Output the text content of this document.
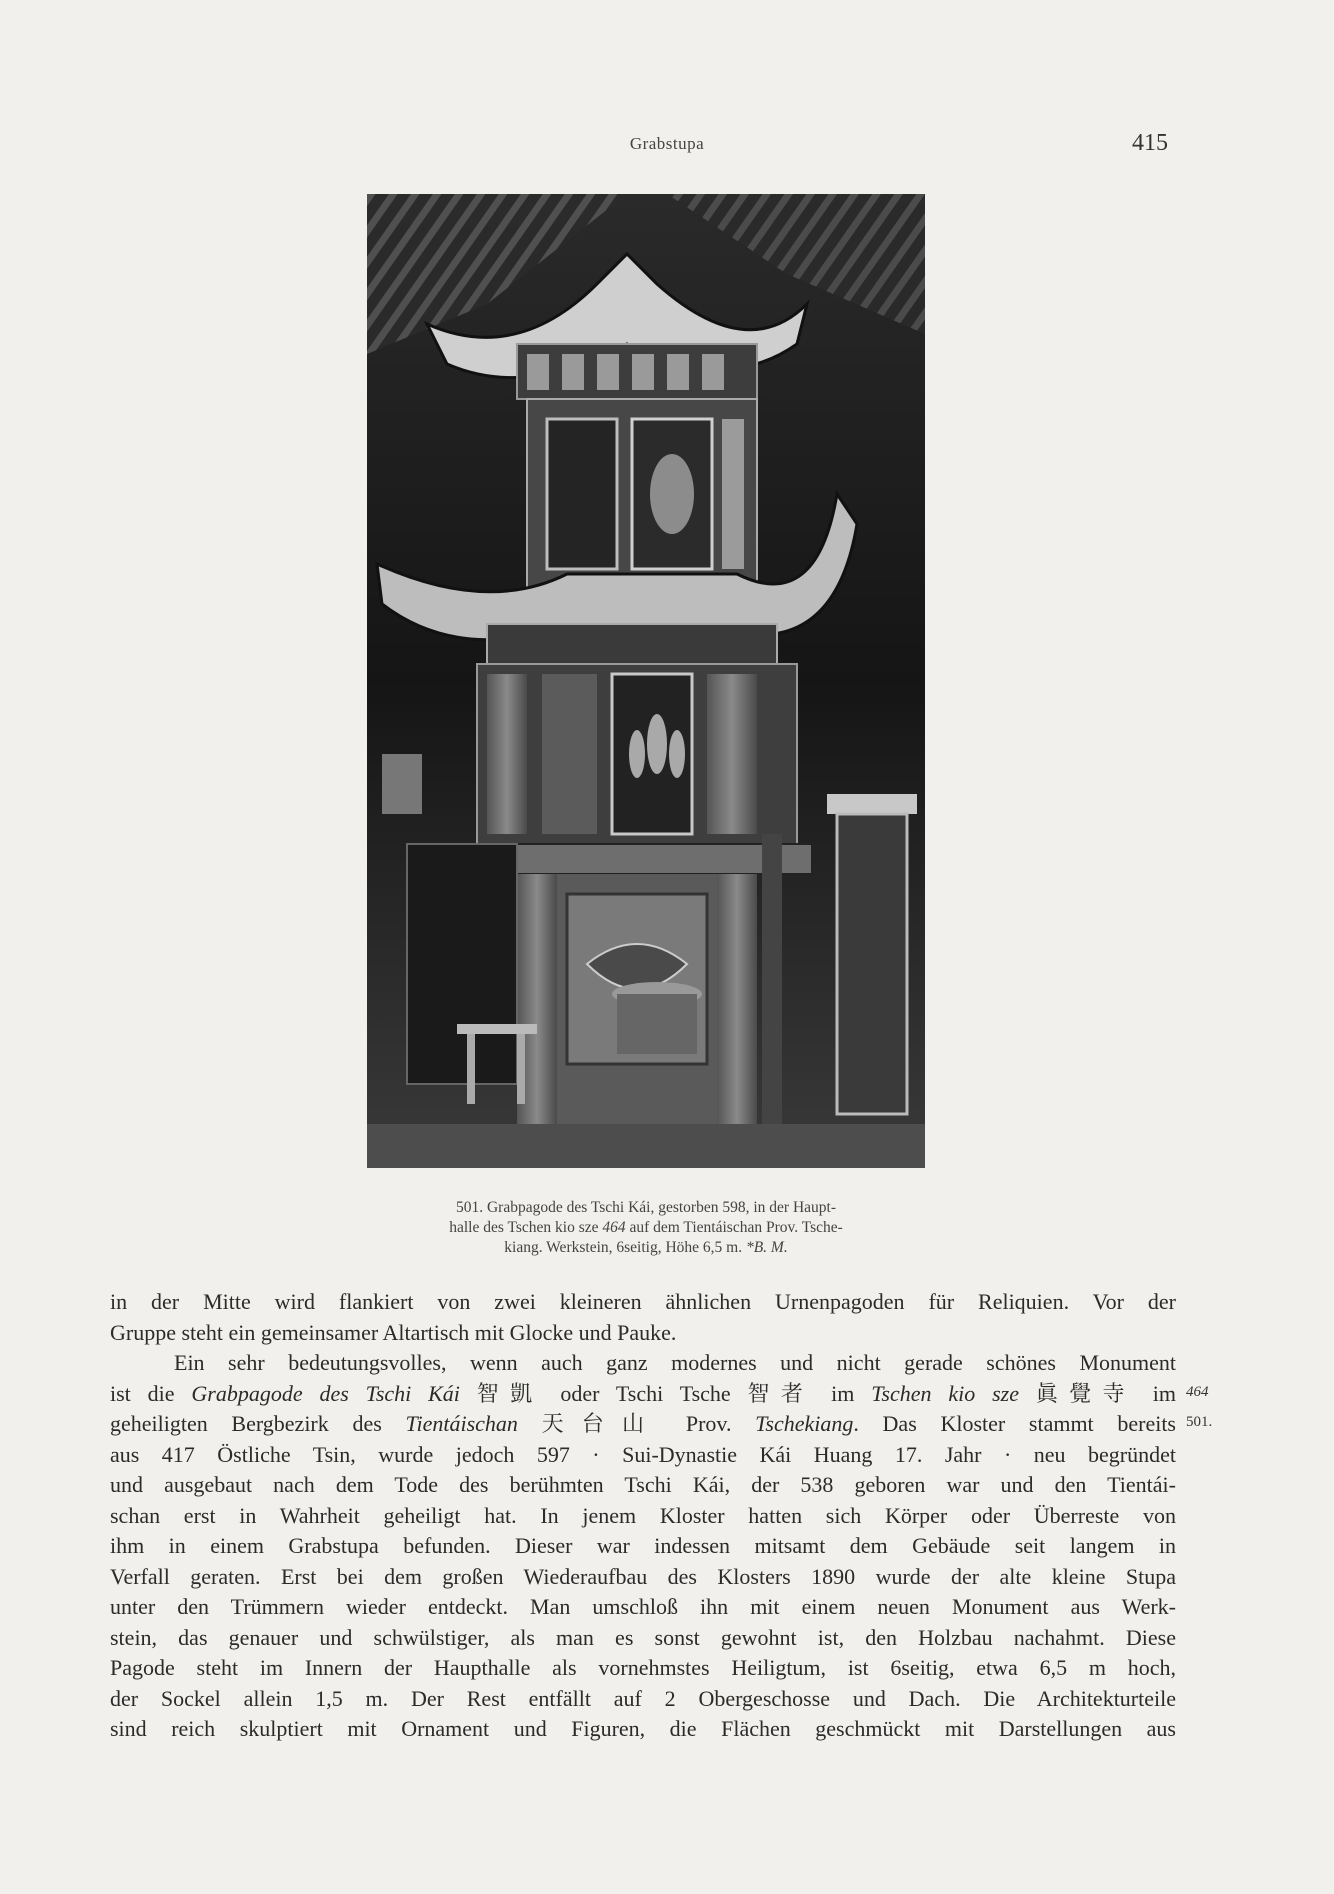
Grabstupa	415
501. Grabpagode des Tschi Kái, gestorben 598, in der Haupt-
halle des Tschen kio sze 464 auf dem Tientáischan Prov. Tsche-
kiang. Werkstein, 6seitig, Höhe 6,5 m. *B. M.
in der Mitte wird flankiert von zwei kleineren ähnlichen Urnenpagoden für Reliquien. Vor der
Gruppe steht ein gemeinsamer Altartisch mit Glocke und Pauke.
Ein sehr bedeutungsvolles, wenn auch ganz modernes und nicht gerade schönes Monument
ist die Grabpagode des Tschi Kái 智凱 oder Tschi Tsche 智者 im Tschen kio sze 眞覺寺 im
geheiligten Bergbezirk des Tientáischan 天台山 Prov. Tschekiang. Das Kloster stammt bereits
aus 417 Östliche Tsin, wurde jedoch 597 · Sui-Dynastie Kái Huang 17. Jahr · neu begründet
und ausgebaut nach dem Tode des berühmten Tschi Kái, der 538 geboren war und den Tientái-
schan erst in Wahrheit geheiligt hat. In jenem Kloster hatten sich Körper oder Überreste von
ihm in einem Grabstupa befunden. Dieser war indessen mitsamt dem Gebäude seit langem in
Verfall geraten. Erst bei dem großen Wiederaufbau des Klosters 1890 wurde der alte kleine Stupa
unter den Trümmern wieder entdeckt. Man umschloß ihn mit einem neuen Monument aus Werk-
stein, das genauer und schwülstiger, als man es sonst gewohnt ist, den Holzbau nachahmt. Diese
Pagode steht im Innern der Haupthalle als vornehmstes Heiligtum, ist 6seitig, etwa 6,5 m hoch,
der Sockel allein 1,5 m. Der Rest entfällt auf 2 Obergeschosse und Dach. Die Architekturteile
sind reich skulptiert mit Ornament und Figuren, die Flächen geschmückt mit Darstellungen aus
464
501.
